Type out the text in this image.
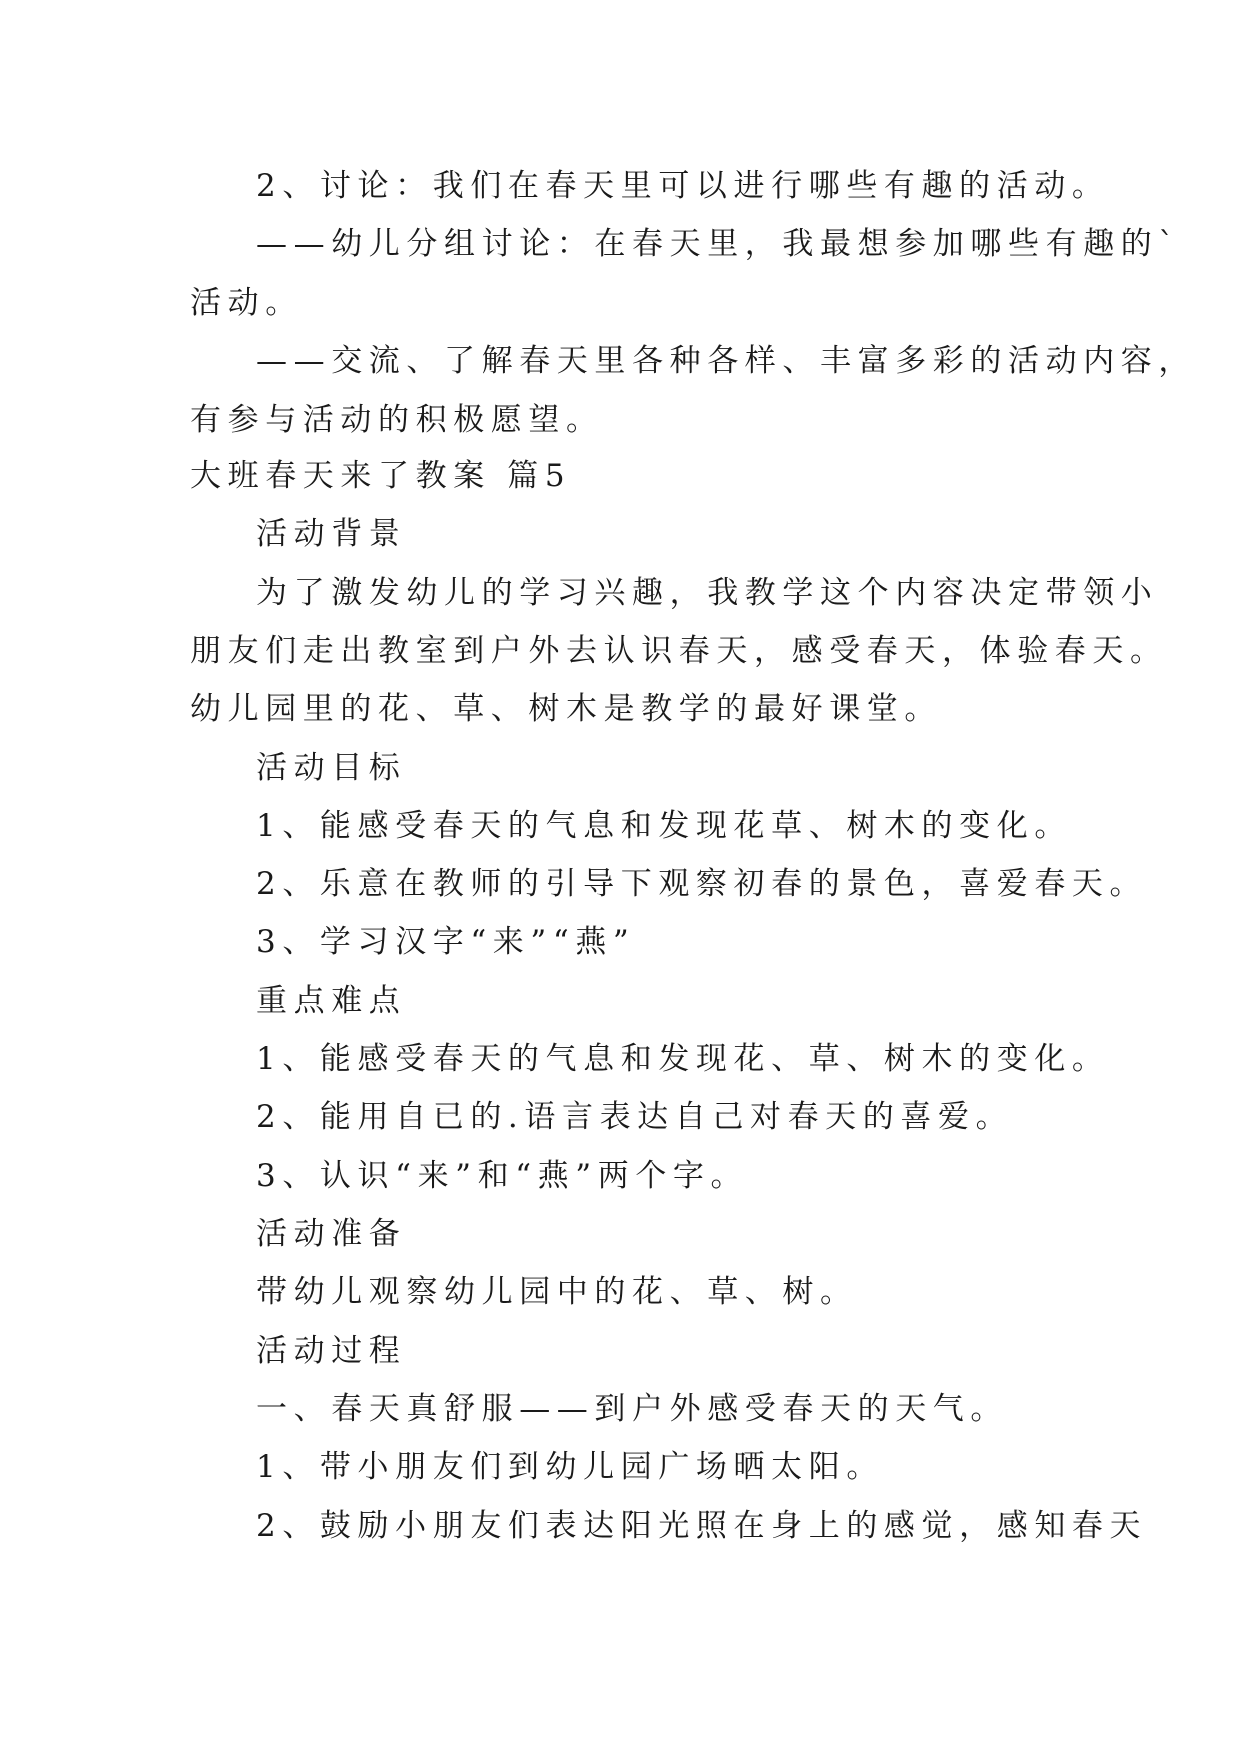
2、讨论：我们在春天里可以进行哪些有趣的活动。
——幼儿分组讨论：在春天里，我最想参加哪些有趣的`
活动。
——交流、了解春天里各种各样、丰富多彩的活动内容，
有参与活动的积极愿望。
大班春天来了教案 篇5
活动背景
为了激发幼儿的学习兴趣，我教学这个内容决定带领小
朋友们走出教室到户外去认识春天，感受春天，体验春天。
幼儿园里的花、草、树木是教学的最好课堂。
活动目标
1、能感受春天的气息和发现花草、树木的变化。
2、乐意在教师的引导下观察初春的景色，喜爱春天。
3、学习汉字“来”“燕”
重点难点
1、能感受春天的气息和发现花、草、树木的变化。
2、能用自已的.语言表达自己对春天的喜爱。
3、认识“来”和“燕”两个字。
活动准备
带幼儿观察幼儿园中的花、草、树。
活动过程
一、春天真舒服——到户外感受春天的天气。
1、带小朋友们到幼儿园广场晒太阳。
2、鼓励小朋友们表达阳光照在身上的感觉，感知春天
